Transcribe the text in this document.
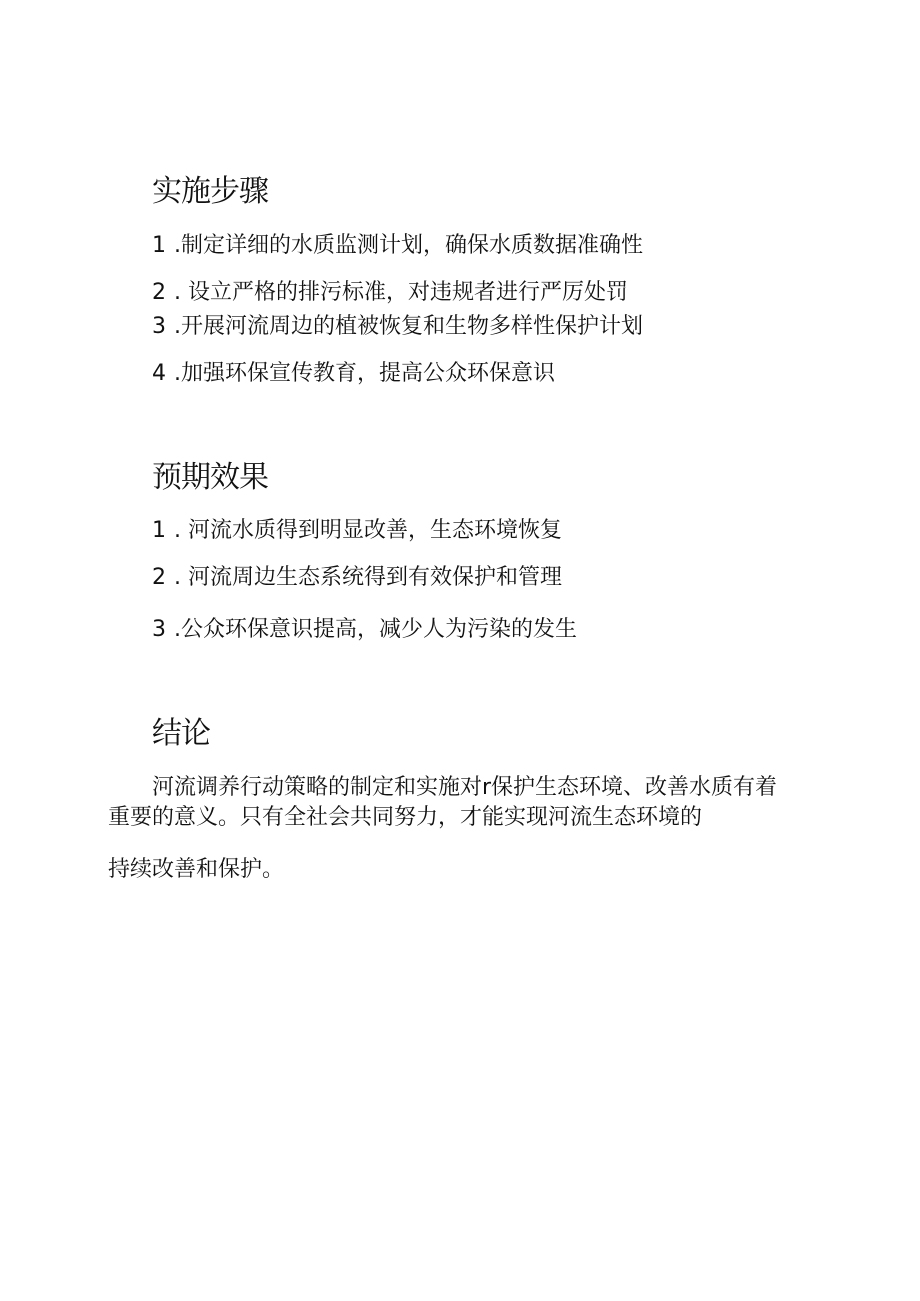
实施步骤

1 .制定详细的水质监测计划，确保水质数据准确性

2 . 设立严格的排污标准，对违规者进行严厉处罚

3 .开展河流周边的植被恢复和生物多样性保护计划

4 .加强环保宣传教育，提高公众环保意识

预期效果

1 . 河流水质得到明显改善，生态环境恢复

2 . 河流周边生态系统得到有效保护和管理

3 .公众环保意识提高，减少人为污染的发生

结论

河流调养行动策略的制定和实施对r保护生态环境、改善水质有着

重要的意义。只有全社会共同努力，才能实现河流生态环境的

持续改善和保护。
